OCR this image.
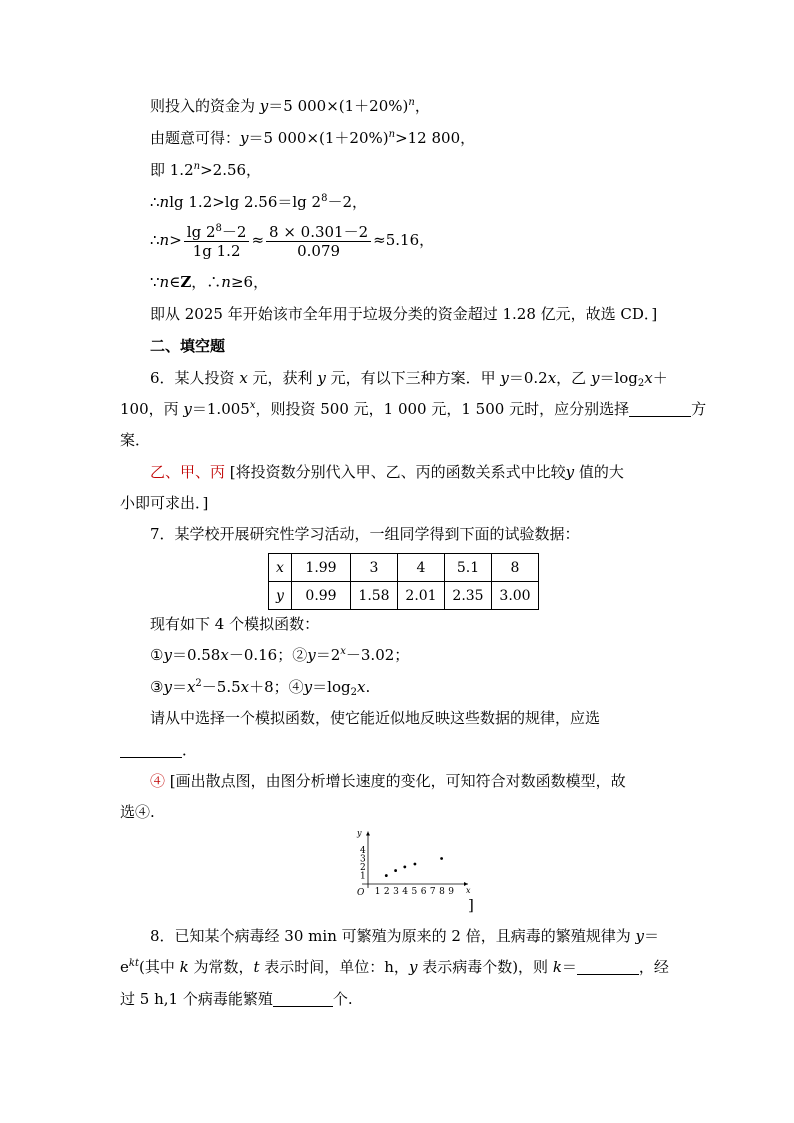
则投入的资金为 y＝5 $000\times(1+20\%)^n$，
由题意可得：y＝5 $000\times(1+20\%)^n>12$ 800，
即 $1.2^n>2.56$，
∴nlg 1.2>lg 2.56＝lg $2^8-2$，
∴n> $\frac{\lg 2^8-2}{1g 1.2} \approx \frac{8 \times 0.301-2}{0.079} \approx 5.16$，
∵n∈Z，∴n≥6，
即从 2025 年开始该市全年用于垃圾分类的资金超过 1.28 亿元，故选 CD．]
二、填空题
6．某人投资 x 元，获利 y 元，有以下三种方案．甲 y＝0.2x，乙 $y=\log_2x+$
100，丙 $y=1.005^x$，则投资 500 元，1 000 元，1 500 元时，应分别选择	方
案．
乙、甲、丙 [将投资数分别代入甲、乙、丙的函数关系式中比较y 值的大
小即可求出．]
7．某学校开展研究性学习活动，一组同学得到下面的试验数据：
x	1.99	3	4	5.1	8
y	0.99	1.58	2.01	2.35	3.00
现有如下 4 个模拟函数：
①y＝0.58x－0.16；$②y=2^x-3.02$；
$③y=x^2-5.5x+8$；$④y=\log_2x$.
请从中选择一个模拟函数，使它能近似地反映这些数据的规律，应选
．
④ [画出散点图，由图分析增长速度的变化，可知符合对数函数模型，故
选④.
x
y
O 1 2 3 4 5 6 7 8 9
1
2
3
4
]
8．已知某个病毒经 30 min 可繁殖为原来的 2 倍，且病毒的繁殖规律为 y＝
$e^{kt}$(其中 k 为常数，t 表示时间，单位：h，y 表示病毒个数)，则 k＝	，经
过 5 h,1 个病毒能繁殖	个.
